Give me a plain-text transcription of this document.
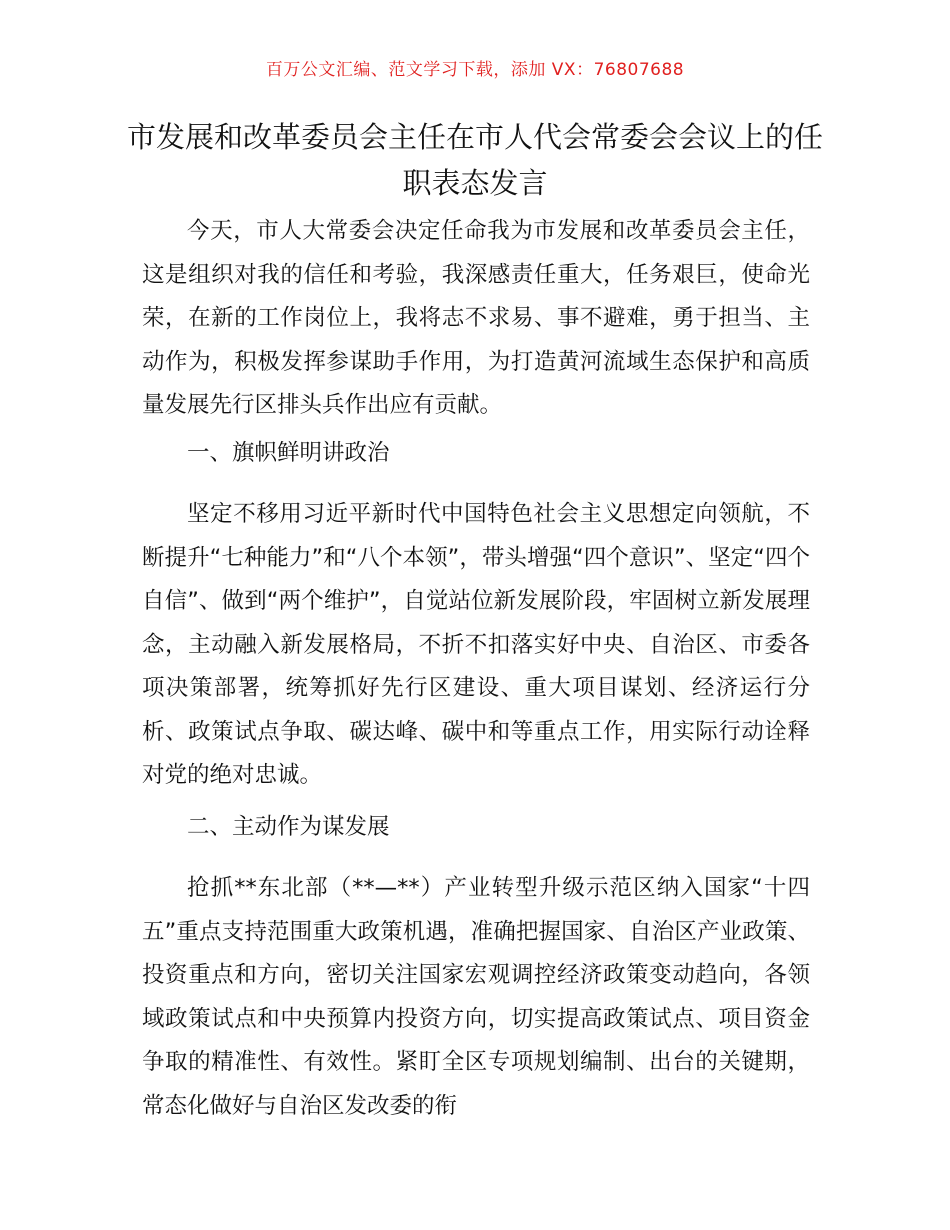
百万公文汇编、范文学习下载，添加 VX：76807688
市发展和改革委员会主任在市人代会常委会会议上的任职表态发言

今天，市人大常委会决定任命我为市发展和改革委员会主任，这是组织对我的信任和考验，我深感责任重大，任务艰巨，使命光荣，在新的工作岗位上，我将志不求易、事不避难，勇于担当、主动作为，积极发挥参谋助手作用，为打造黄河流域生态保护和高质量发展先行区排头兵作出应有贡献。

一、旗帜鲜明讲政治

坚定不移用习近平新时代中国特色社会主义思想定向领航，不断提升“七种能力”和“八个本领”，带头增强“四个意识”、坚定“四个自信”、做到“两个维护”，自觉站位新发展阶段，牢固树立新发展理念，主动融入新发展格局，不折不扣落实好中央、自治区、市委各项决策部署，统筹抓好先行区建设、重大项目谋划、经济运行分析、政策试点争取、碳达峰、碳中和等重点工作，用实际行动诠释对党的绝对忠诚。

二、主动作为谋发展

抢抓**东北部（**—**）产业转型升级示范区纳入国家“十四五”重点支持范围重大政策机遇，准确把握国家、自治区产业政策、投资重点和方向，密切关注国家宏观调控经济政策变动趋向，各领域政策试点和中央预算内投资方向，切实提高政策试点、项目资金争取的精准性、有效性。紧盯全区专项规划编制、出台的关键期，常态化做好与自治区发改委的衔
